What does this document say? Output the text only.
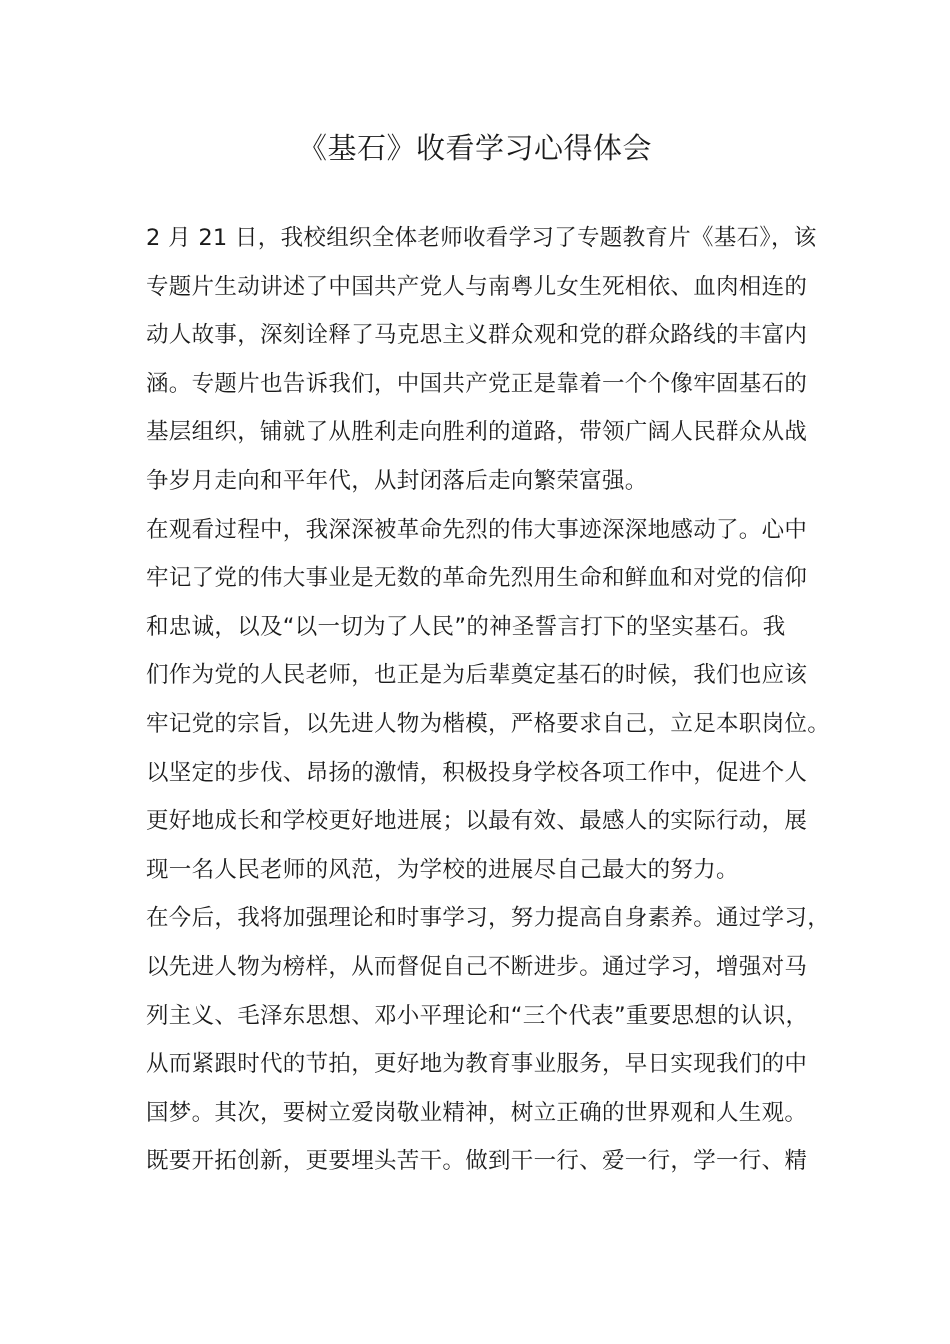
《基石》收看学习心得体会
2 月 21 日，我校组织全体老师收看学习了专题教育片《基石》，该
专题片生动讲述了中国共产党人与南粤儿女生死相依、血肉相连的
动人故事，深刻诠释了马克思主义群众观和党的群众路线的丰富内
涵。专题片也告诉我们，中国共产党正是靠着一个个像牢固基石的
基层组织，铺就了从胜利走向胜利的道路，带领广阔人民群众从战
争岁月走向和平年代，从封闭落后走向繁荣富强。
在观看过程中，我深深被革命先烈的伟大事迹深深地感动了。心中
牢记了党的伟大事业是无数的革命先烈用生命和鲜血和对党的信仰
和忠诚，以及“以一切为了人民”的神圣誓言打下的坚实基石。我
们作为党的人民老师，也正是为后辈奠定基石的时候，我们也应该
牢记党的宗旨，以先进人物为楷模，严格要求自己，立足本职岗位。
以坚定的步伐、昂扬的激情，积极投身学校各项工作中，促进个人
更好地成长和学校更好地进展；以最有效、最感人的实际行动，展
现一名人民老师的风范，为学校的进展尽自己最大的努力。
在今后，我将加强理论和时事学习，努力提高自身素养。通过学习，
以先进人物为榜样，从而督促自己不断进步。通过学习，增强对马
列主义、毛泽东思想、邓小平理论和“三个代表”重要思想的认识，
从而紧跟时代的节拍，更好地为教育事业服务，早日实现我们的中
国梦。其次，要树立爱岗敬业精神，树立正确的世界观和人生观。
既要开拓创新，更要埋头苦干。做到干一行、爱一行，学一行、精
